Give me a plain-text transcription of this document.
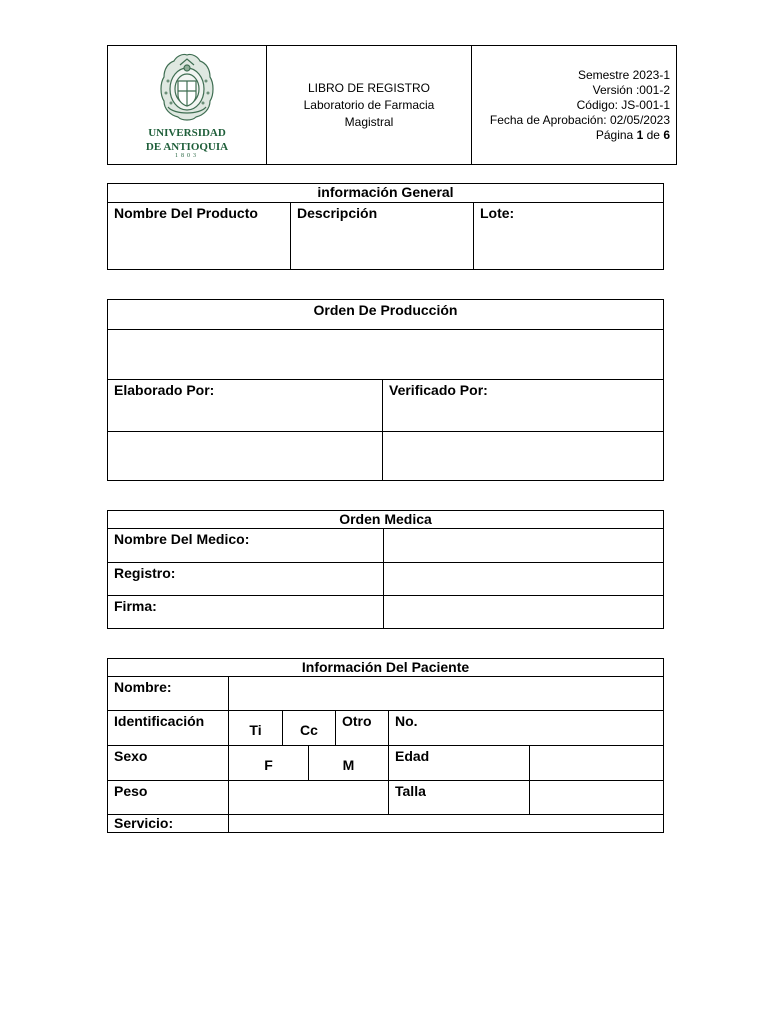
UNIVERSIDAD
DE ANTIOQUIA
1803

LIBRO DE REGISTRO
Laboratorio de Farmacia
Magistral

Semestre 2023-1
Versión :001-2
Código: JS-001-1
Fecha de Aprobación: 02/05/2023
Página 1 de 6
información General
Nombre Del Producto	Descripción	Lote:
Orden De Producción	

Elaborado Por:	Verificado Por:

Orden Medica	
Nombre Del Medico:	
Registro:	
Firma:	
Información Del Paciente						
Nombre:						
Identificación	Ti	Cc		Otro	No.	
Sexo	F		M		Edad	
Peso					Talla	
Servicio:						
